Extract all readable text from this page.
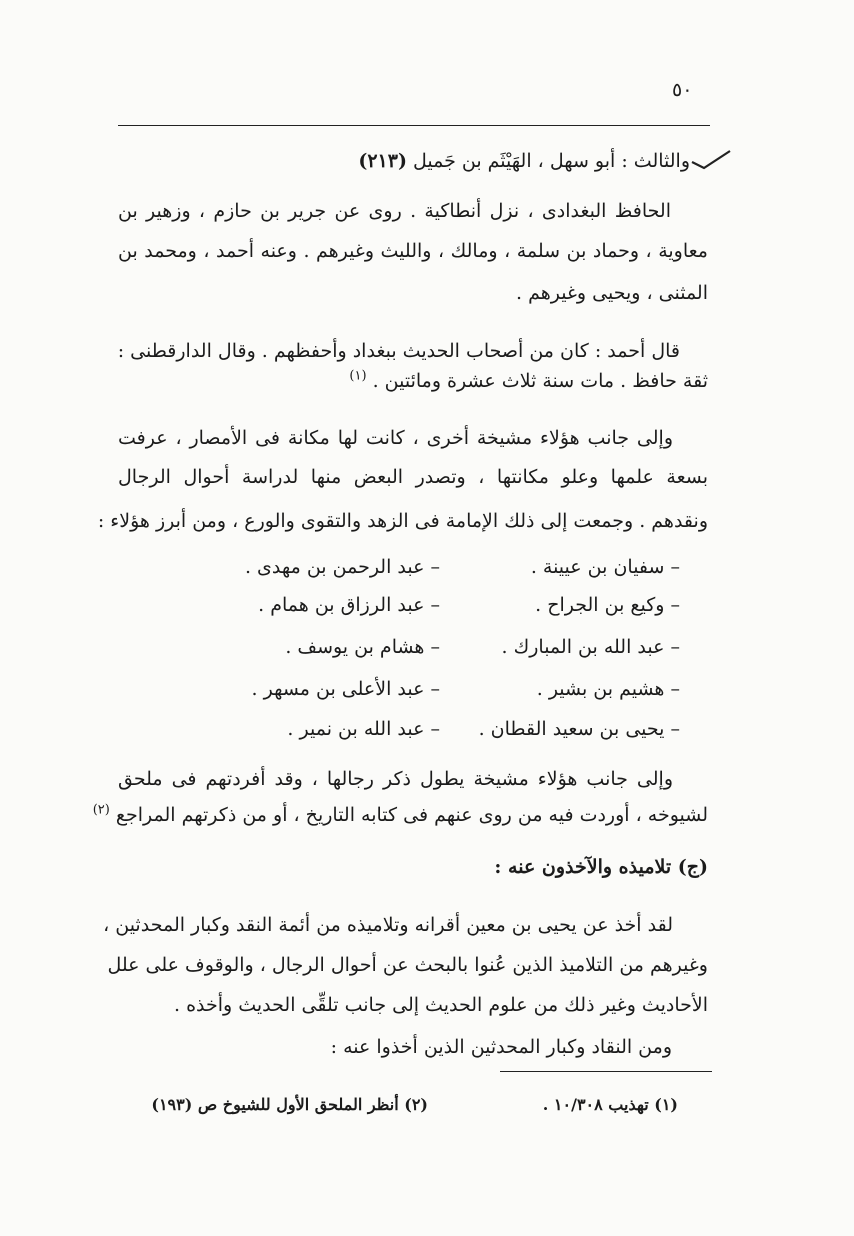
٥٠
والثالث : أبو سهل ، الهَيْثَم بن جَميل (٢١٣)
الحافظ البغدادى ، نزل أنطاكية . روى عن جرير بن حازم ، وزهير بن
معاوية ، وحماد بن سلمة ، ومالك ، والليث وغيرهم . وعنه أحمد ، ومحمد بن
المثنى ، ويحيى وغيرهم .
قال أحمد : كان من أصحاب الحديث ببغداد وأحفظهم . وقال الدارقطنى :
ثقة حافظ . مات سنة ثلاث عشرة ومائتين . $^{(١)}$
وإلى جانب هؤلاء مشيخة أخرى ، كانت لها مكانة فى الأمصار ، عرفت
بسعة علمها وعلو مكانتها ، وتصدر البعض منها لدراسة أحوال الرجال
ونقدهم . وجمعت إلى ذلك الإمامة فى الزهد والتقوى والورع ، ومن أبرز هؤلاء :
– سفيان بن عيينة .
– عبد الرحمن بن مهدى .
– وكيع بن الجراح .
– عبد الرزاق بن همام .
– عبد الله بن المبارك .
– هشام بن يوسف .
– هشيم بن بشير .
– عبد الأعلى بن مسهر .
– يحيى بن سعيد القطان .
– عبد الله بن نمير .
وإلى جانب هؤلاء مشيخة يطول ذكر رجالها ، وقد أفردتهم فى ملحق
لشيوخه ، أوردت فيه من روى عنهم فى كتابه التاريخ ، أو من ذكرتهم المراجع $^{(٢)}$
(ج) تلاميذه والآخذون عنه :
لقد أخذ عن يحيى بن معين أقرانه وتلاميذه من أئمة النقد وكبار المحدثين ،
وغيرهم من التلاميذ الذين عُنوا بالبحث عن أحوال الرجال ، والوقوف على علل
الأحاديث وغير ذلك من علوم الحديث إلى جانب تلقِّى الحديث وأخذه .
ومن النقاد وكبار المحدثين الذين أخذوا عنه :
(١) تهذيب ١٠/٣٠٨ .
(٢) أنظر الملحق الأول للشيوخ ص (١٩٣)
